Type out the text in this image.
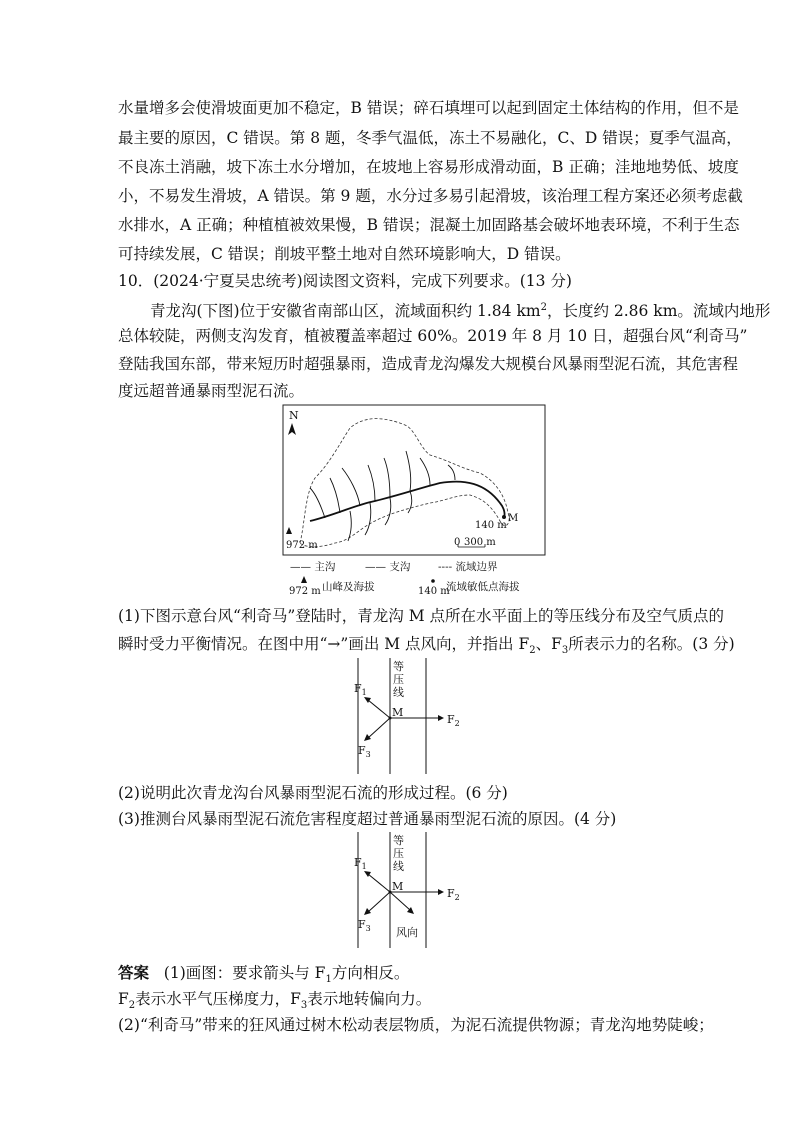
水量增多会使滑坡面更加不稳定，B 错误；碎石填埋可以起到固定土体结构的作用，但不是
最主要的原因，C 错误。第 8 题，冬季气温低，冻土不易融化，C、D 错误；夏季气温高，
不良冻土消融，坡下冻土水分增加，在坡地上容易形成滑动面，B 正确；洼地地势低、坡度
小，不易发生滑坡，A 错误。第 9 题，水分过多易引起滑坡，该治理工程方案还必须考虑截
水排水，A 正确；种植植被效果慢，B 错误；混凝土加固路基会破坏地表环境，不利于生态
可持续发展，C 错误；削坡平整土地对自然环境影响大，D 错误。
10．(2024·宁夏吴忠统考)阅读图文资料，完成下列要求。(13 分)
青龙沟(下图)位于安徽省南部山区，流域面积约 1.84 $km^2$，长度约 2.86 km。流域内地形
总体较陡，两侧支沟发育，植被覆盖率超过 60%。2019 年 8 月 10 日，超强台风“利奇马”
登陆我国东部，带来短历时超强暴雨，造成青龙沟爆发大规模台风暴雨型泥石流，其危害程
度远超普通暴雨型泥石流。
N
972 m
M
140 m
0 300 m
—— 主沟	—— 支沟	---- 流域边界
972 m 山峰及海拔	140 m
流域敏低点海拔
(1)下图示意台风“利奇马”登陆时，青龙沟 M 点所在水平面上的等压线分布及空气质点的
瞬时受力平衡情况。在图中用“→”画出 M 点风向，并指出 $F_2$、$F_3$所表示力的名称。(3 分)
等
压
线
M
$F_2$
$F_1$
$F_3$
(2)说明此次青龙沟台风暴雨型泥石流的形成过程。(6 分)
(3)推测台风暴雨型泥石流危害程度超过普通暴雨型泥石流的原因。(4 分)
等
压
线
M
$F_2$
$F_1$
$F_3$ 风向
答案 (1)画图：要求箭头与 $F_1$方向相反。
$F_2$表示水平气压梯度力，$F_3$表示地转偏向力。
(2)“利奇马”带来的狂风通过树木松动表层物质，为泥石流提供物源；青龙沟地势陡峻；
